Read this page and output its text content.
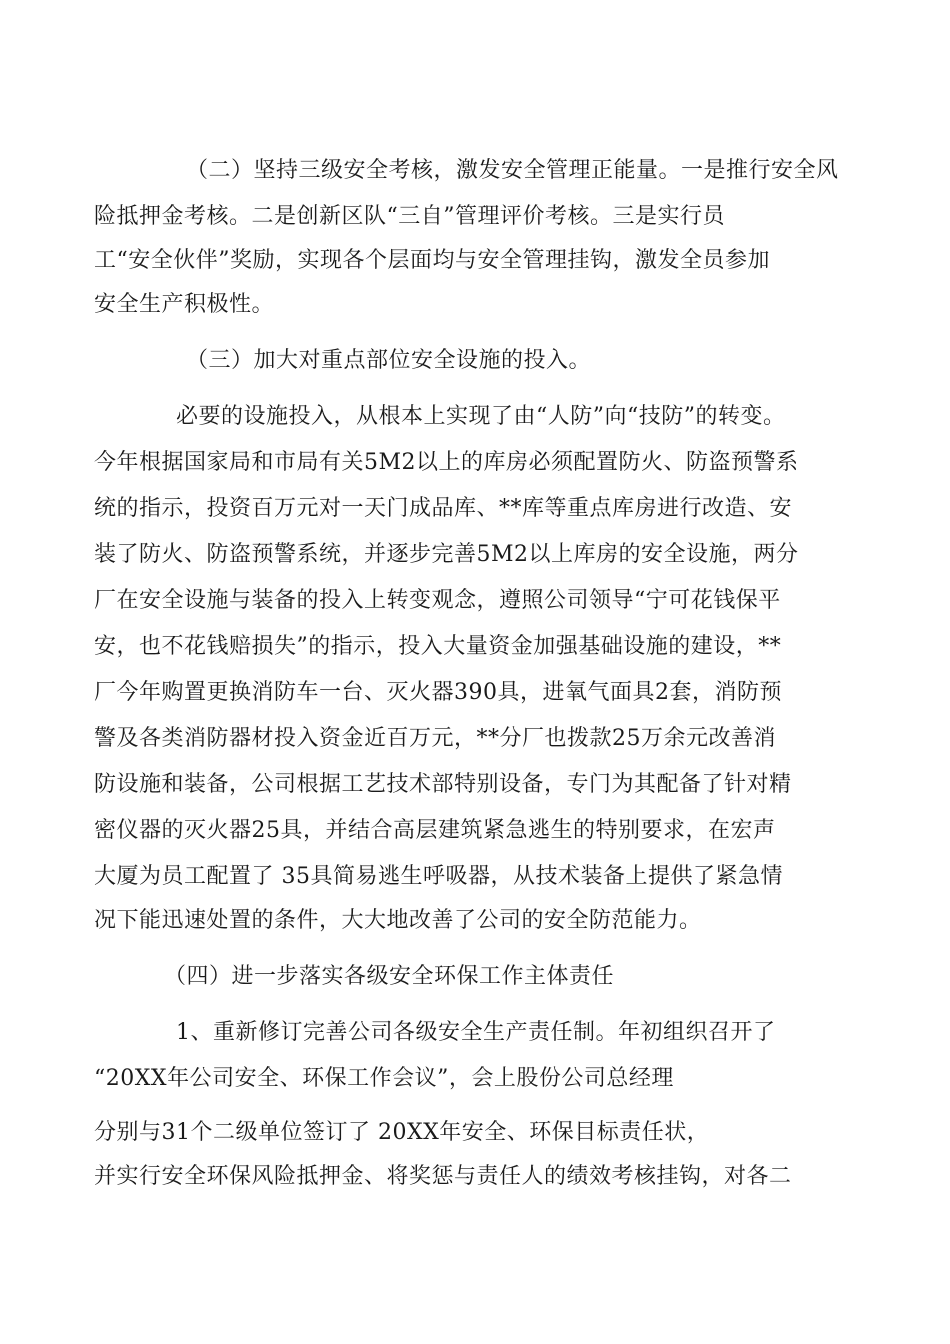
（二）坚持三级安全考核，激发安全管理正能量。一是推行安全风
险抵押金考核。二是创新区队“三自”管理评价考核。三是实行员
工“安全伙伴”奖励，实现各个层面均与安全管理挂钩，激发全员参加
安全生产积极性。
（三）加大对重点部位安全设施的投入。
必要的设施投入，从根本上实现了由“人防”向“技防”的转变。
今年根据国家局和市局有关5M2以上的库房必须配置防火、防盗预警系
统的指示，投资百万元对一天门成品库、**库等重点库房进行改造、安
装了防火、防盗预警系统，并逐步完善5M2以上库房的安全设施，两分
厂在安全设施与装备的投入上转变观念，遵照公司领导“宁可花钱保平
安，也不花钱赔损失”的指示，投入大量资金加强基础设施的建设，**
厂今年购置更换消防车一台、灭火器390具，进氧气面具2套，消防预
警及各类消防器材投入资金近百万元，**分厂也拨款25万余元改善消
防设施和装备，公司根据工艺技术部特别设备，专门为其配备了针对精
密仪器的灭火器25具，并结合高层建筑紧急逃生的特别要求，在宏声
大厦为员工配置了 35具简易逃生呼吸器，从技术装备上提供了紧急情
况下能迅速处置的条件，大大地改善了公司的安全防范能力。
（四）进一步落实各级安全环保工作主体责任
1、重新修订完善公司各级安全生产责任制。年初组织召开了
“20XX年公司安全、环保工作会议”，会上股份公司总经理
分别与31个二级单位签订了 20XX年安全、环保目标责任状，
并实行安全环保风险抵押金、将奖惩与责任人的绩效考核挂钩，对各二
